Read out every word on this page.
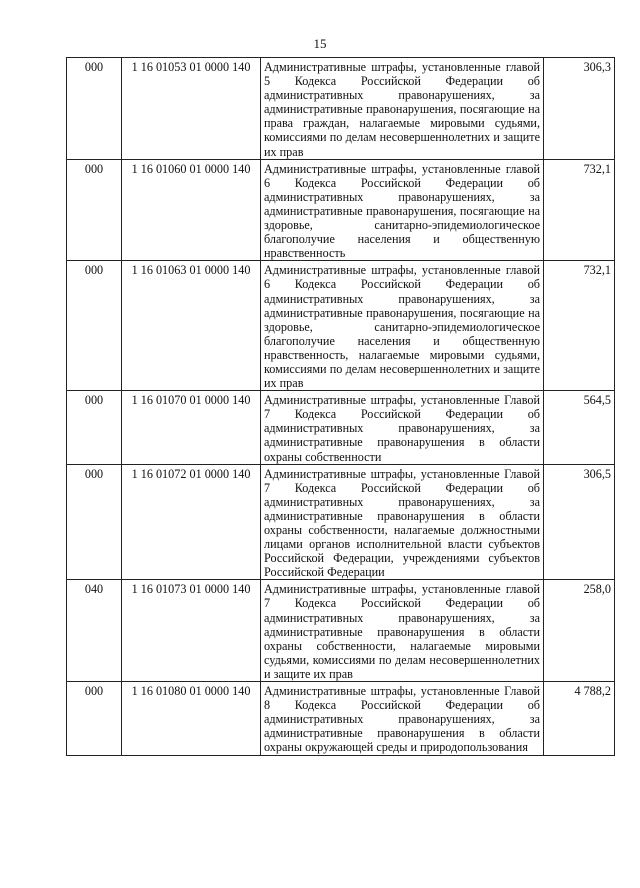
15
000	1 16 01053 01 0000 140	Административные штрафы, установленные главой 5 Кодекса Российской Федерации об административных правонарушениях, за административные правонарушения, посягающие на права граждан, налагаемые мировыми судьями, комиссиями по делам несовершеннолетних и защите их прав	306,3
000	1 16 01060 01 0000 140	Административные штрафы, установленные главой 6 Кодекса Российской Федерации об административных правонарушениях, за административные правонарушения, посягающие на здоровье, санитарно-эпидемиологическое благополучие населения и общественную нравственность	732,1
000	1 16 01063 01 0000 140	Административные штрафы, установленные главой 6 Кодекса Российской Федерации об административных правонарушениях, за административные правонарушения, посягающие на здоровье, санитарно-эпидемиологическое благополучие населения и общественную нравственность, налагаемые мировыми судьями, комиссиями по делам несовершеннолетних и защите их прав	732,1
000	1 16 01070 01 0000 140	Административные штрафы, установленные Главой 7 Кодекса Российской Федерации об административных правонарушениях, за административные правонарушения в области охраны собственности	564,5
000	1 16 01072 01 0000 140	Административные штрафы, установленные Главой 7 Кодекса Российской Федерации об административных правонарушениях, за административные правонарушения в области охраны собственности, налагаемые должностными лицами органов исполнительной власти субъектов Российской Федерации, учреждениями субъектов Российской Федерации	306,5
040	1 16 01073 01 0000 140	Административные штрафы, установленные главой 7 Кодекса Российской Федерации об административных правонарушениях, за административные правонарушения в области охраны собственности, налагаемые мировыми судьями, комиссиями по делам несовершеннолетних и защите их прав	258,0
000	1 16 01080 01 0000 140	Административные штрафы, установленные Главой 8 Кодекса Российской Федерации об административных правонарушениях, за административные правонарушения в области охраны окружающей среды и природопользования	4 788,2
